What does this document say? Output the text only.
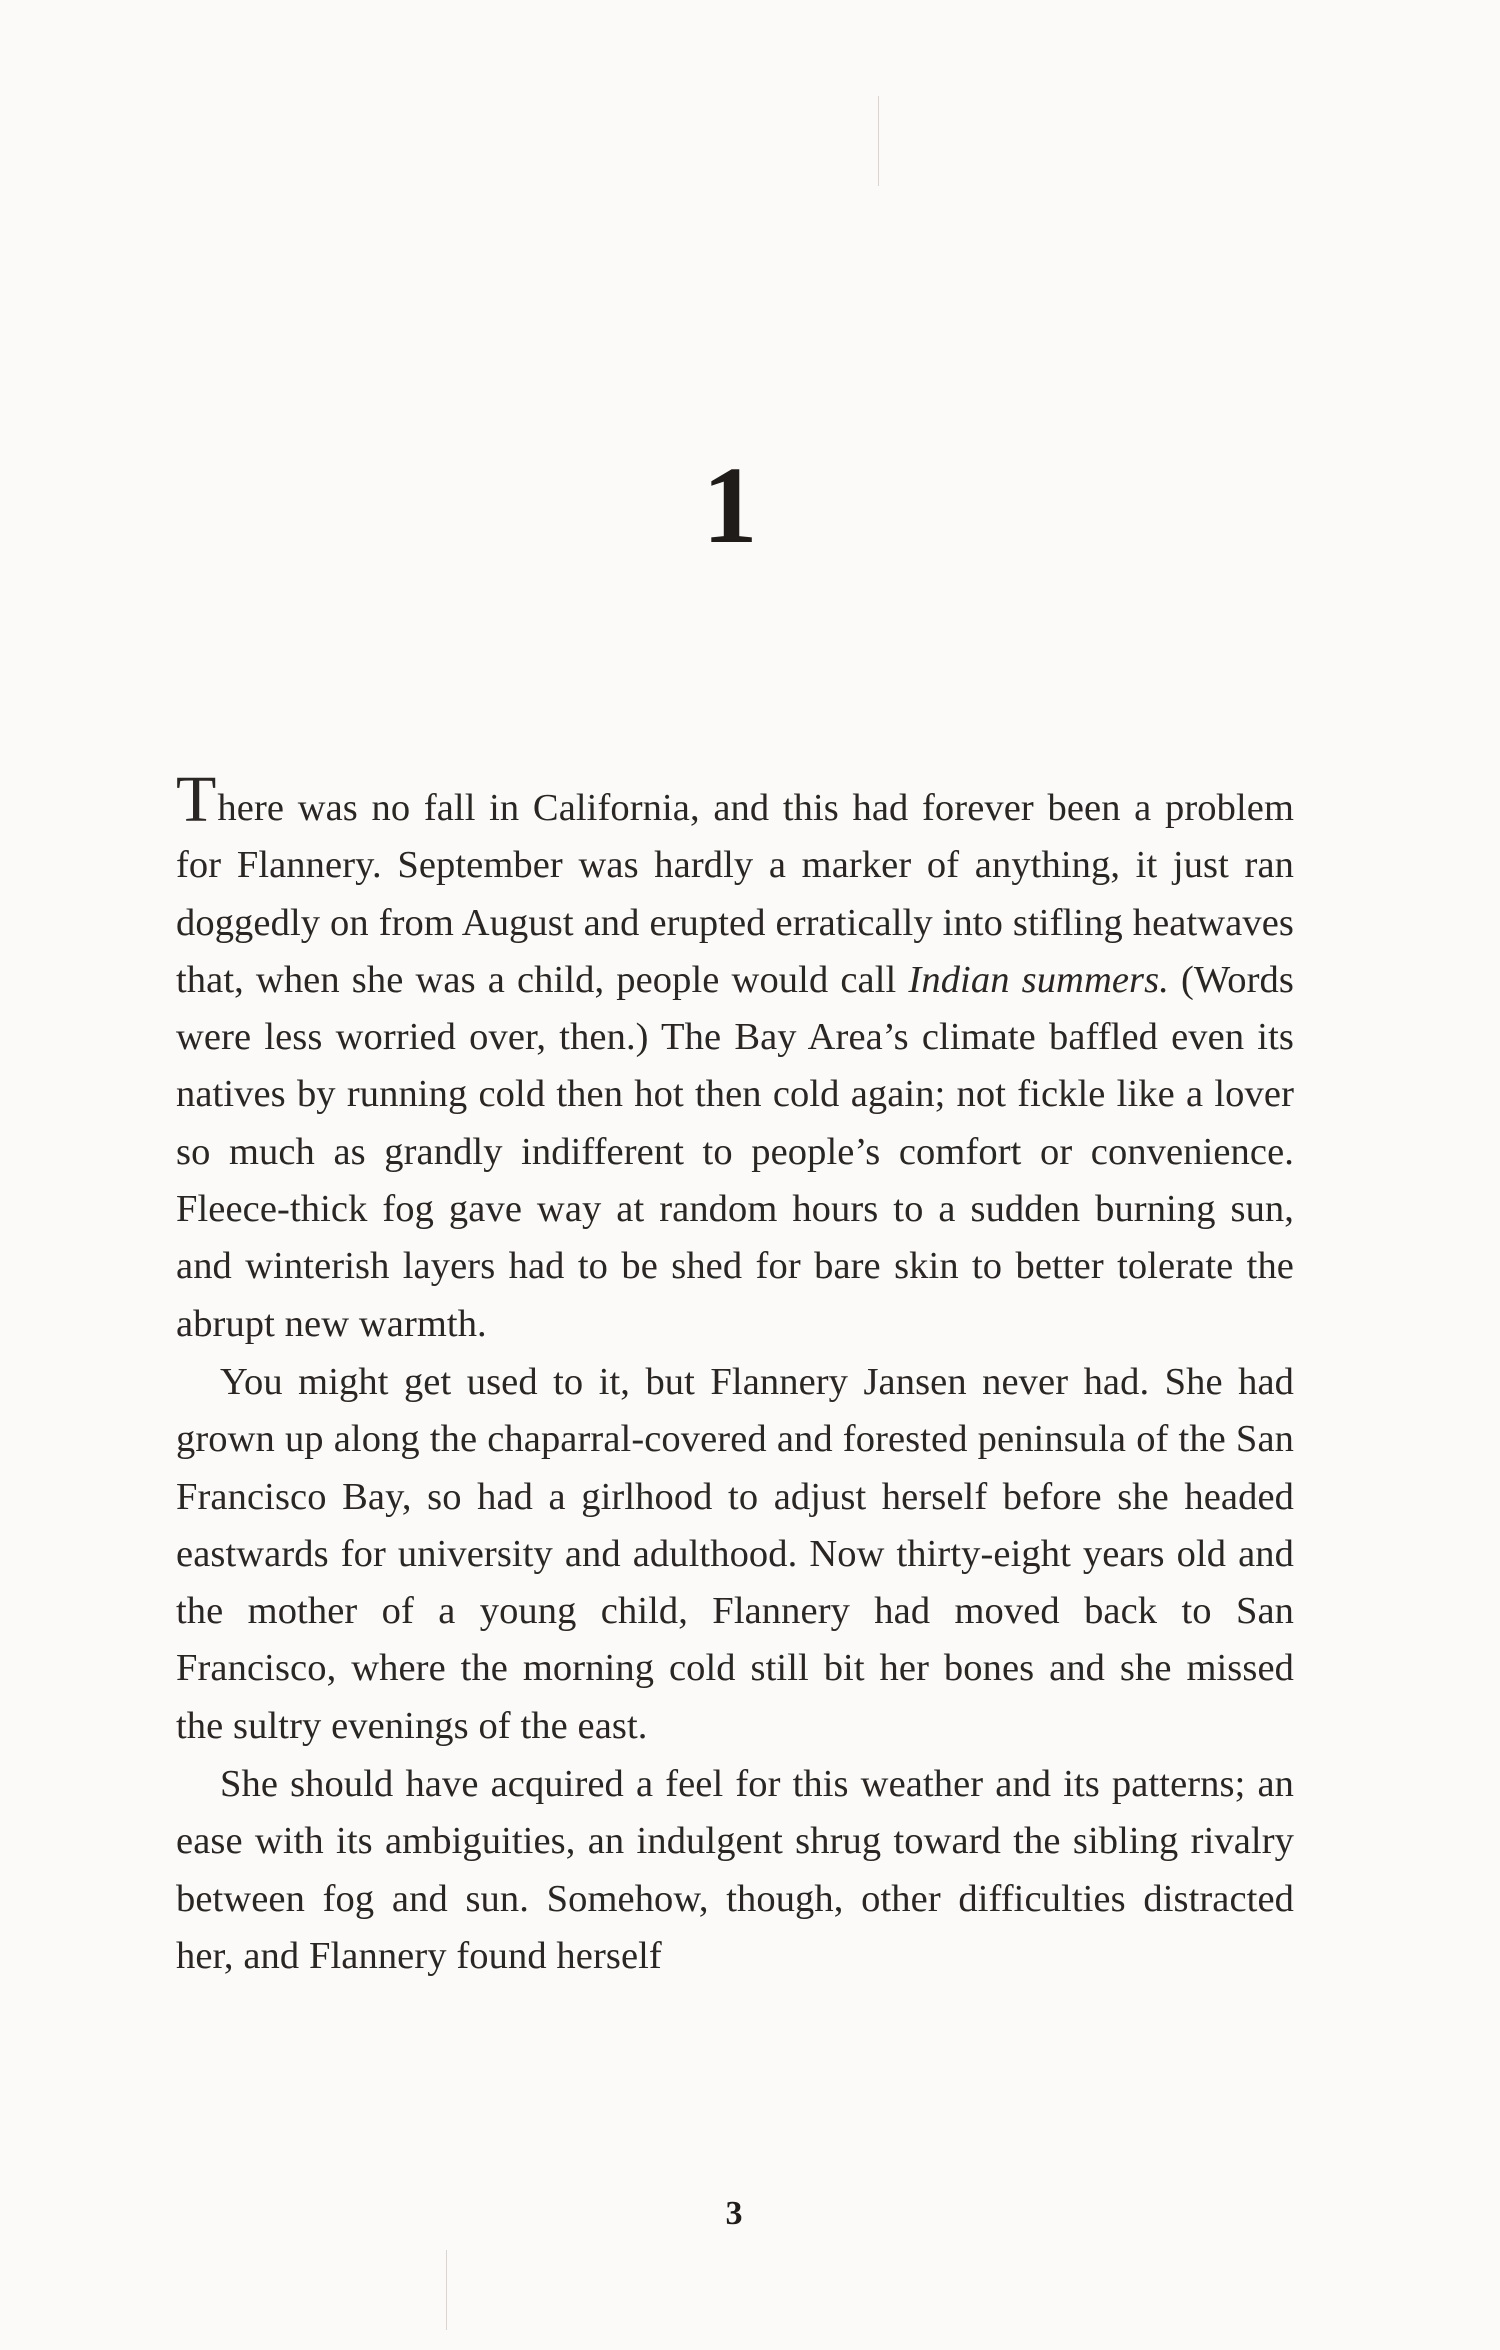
1

There was no fall in California, and this had forever been a problem for Flannery. September was hardly a marker of anything, it just ran doggedly on from August and erupted erratically into stifling heatwaves that, when she was a child, people would call Indian summers. (Words were less worried over, then.) The Bay Area’s climate baffled even its natives by running cold then hot then cold again; not fickle like a lover so much as grandly indifferent to people’s comfort or convenience. Fleece-thick fog gave way at random hours to a sudden burning sun, and winterish layers had to be shed for bare skin to better tolerate the abrupt new warmth.

You might get used to it, but Flannery Jansen never had. She had grown up along the chaparral-covered and forested peninsula of the San Francisco Bay, so had a girlhood to adjust herself before she headed eastwards for university and adulthood. Now thirty-eight years old and the mother of a young child, Flannery had moved back to San Francisco, where the morning cold still bit her bones and she missed the sultry evenings of the east.

She should have acquired a feel for this weather and its patterns; an ease with its ambiguities, an indulgent shrug toward the sibling rivalry between fog and sun. Somehow, though, other difficulties distracted her, and Flannery found herself

3
